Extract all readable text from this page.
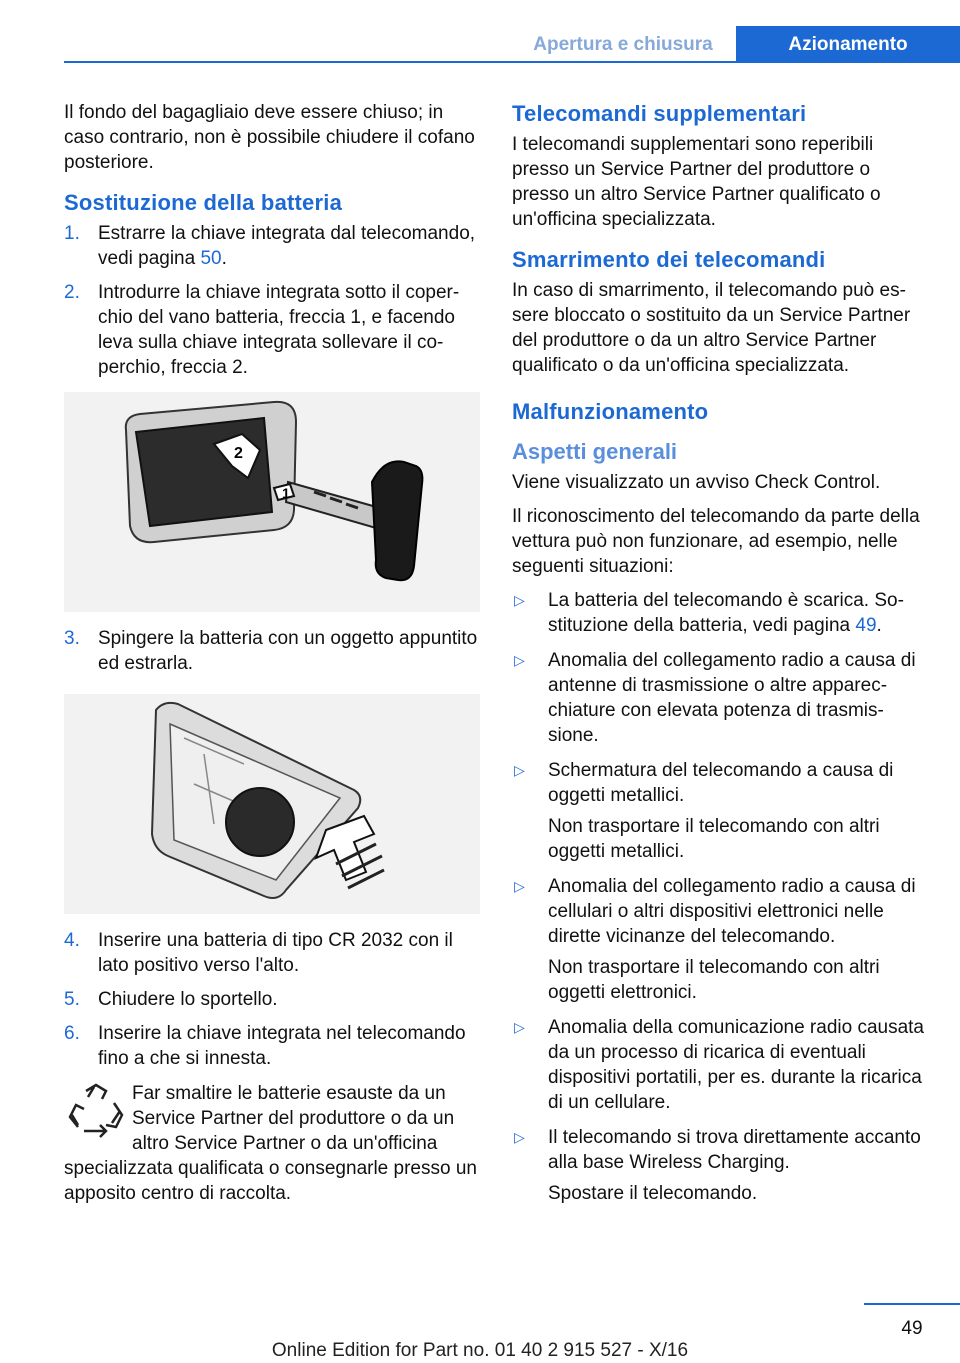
Apertura e chiusura	Azionamento

Il fondo del bagagliaio deve essere chiuso; in caso contrario, non è possibile chiudere il cofano posteriore.

Sostituzione della batteria
1. Estrarre la chiave integrata dal telecomando, vedi pagina 50.
2. Introdurre la chiave integrata sotto il coperchio del vano batteria, freccia 1, e facendo leva sulla chiave integrata sollevare il coperchio, freccia 2.
1
2
3. Spingere la batteria con un oggetto appuntito ed estrarla.
4. Inserire una batteria di tipo CR 2032 con il lato positivo verso l'alto.
5. Chiudere lo sportello.
6. Inserire la chiave integrata nel telecomando fino a che si innesta.
Far smaltire le batterie esauste da un Service Partner del produttore o da un altro Service Partner o da un'officina specializzata qualificata o consegnarle presso un apposito centro di raccolta.
Telecomandi supplementari

I telecomandi supplementari sono reperibili presso un Service Partner del produttore o presso un altro Service Partner qualificato o un'officina specializzata.

Smarrimento dei telecomandi

In caso di smarrimento, il telecomando può essere bloccato o sostituito da un Service Partner del produttore o da un altro Service Partner qualificato o da un'officina specializzata.

Malfunzionamento
Aspetti generali

Viene visualizzato un avviso Check Control.

Il riconoscimento del telecomando da parte della vettura può non funzionare, ad esempio, nelle seguenti situazioni:

▷	La batteria del telecomando è scarica. Sostituzione della batteria, vedi pagina 49.
▷	Anomalia del collegamento radio a causa di antenne di trasmissione o altre apparecchiature con elevata potenza di trasmissione.
▷	Schermatura del telecomando a causa di oggetti metallici.
Non trasportare il telecomando con altri oggetti metallici.
▷	Anomalia del collegamento radio a causa di cellulari o altri dispositivi elettronici nelle dirette vicinanze del telecomando.
Non trasportare il telecomando con altri oggetti elettronici.
▷	Anomalia della comunicazione radio causata da un processo di ricarica di eventuali dispositivi portatili, per es. durante la ricarica di un cellulare.
▷	Il telecomando si trova direttamente accanto alla base Wireless Charging.
Spostare il telecomando.
49
Online Edition for Part no. 01 40 2 915 527 - X/16
